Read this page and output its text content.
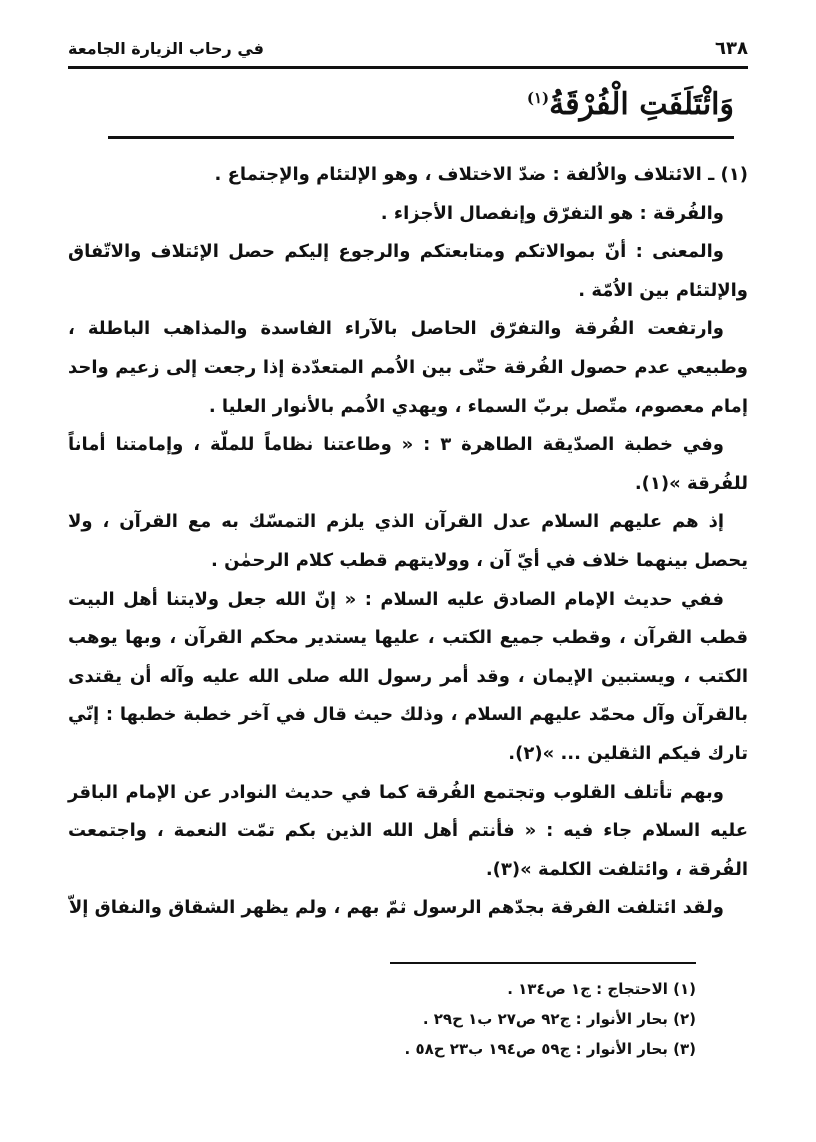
٦٣٨
في رحاب الزيارة الجامعة
وَائْتَلَفَتِ الْفُرْقَةُ$^{(١)}$

(١) ـ الائتلاف والاُلفة : ضدّ الاختلاف ، وهو الإلتئام والإجتماع .

والفُرقة : هو التفرّق وإنفصال الأجزاء .

والمعنى : أنّ بموالاتكم ومتابعتكم والرجوع إليكم حصل الإئتلاف والاتّفاق والإلتئام بين الاُمّة .

وارتفعت الفُرقة والتفرّق الحاصل بالآراء الفاسدة والمذاهب الباطلة ، وطبيعي عدم حصول الفُرقة حتّى بين الاُمم المتعدّدة إذا رجعت إلى زعيم واحد إمام معصوم، متّصل بربّ السماء ، ويهدي الاُمم بالأنوار العليا .

وفي خطبة الصدّيقة الطاهرة ٣ : « وطاعتنا نظاماً للملّة ، وإمامتنا أماناً للفُرقة »(١).

إذ هم عليهم السلام عدل القرآن الذي يلزم التمسّك به مع القرآن ، ولا يحصل بينهما خلاف في أيّ آن ، وولايتهم قطب كلام الرحمٰن .

ففي حديث الإمام الصادق عليه السلام : « إنّ الله جعل ولايتنا أهل البيت قطب القرآن ، وقطب جميع الكتب ، عليها يستدير محكم القرآن ، وبها يوهب الكتب ، ويستبين الإيمان ، وقد أمر رسول الله صلى الله عليه وآله أن يقتدى بالقرآن وآل محمّد عليهم السلام ، وذلك حيث قال في آخر خطبة خطبها : إنّي تارك فيكم الثقلين ... »(٢).

وبهم تأتلف القلوب وتجتمع الفُرقة كما في حديث النوادر عن الإمام الباقر عليه السلام جاء فيه : « فأنتم أهل الله الذين بكم تمّت النعمة ، واجتمعت الفُرقة ، وائتلفت الكلمة »(٣).

ولقد ائتلفت الفرقة بجدّهم الرسول ثمّ بهم ، ولم يظهر الشقاق والنفاق إلاّ

(١) الاحتجاج : ج١ ص١٣٤ .
(٢) بحار الأنوار : ج٩٢ ص٢٧ ب١ ح٢٩ .
(٣) بحار الأنوار : ج٥٩ ص١٩٤ ب٢٣ ح٥٨ .
